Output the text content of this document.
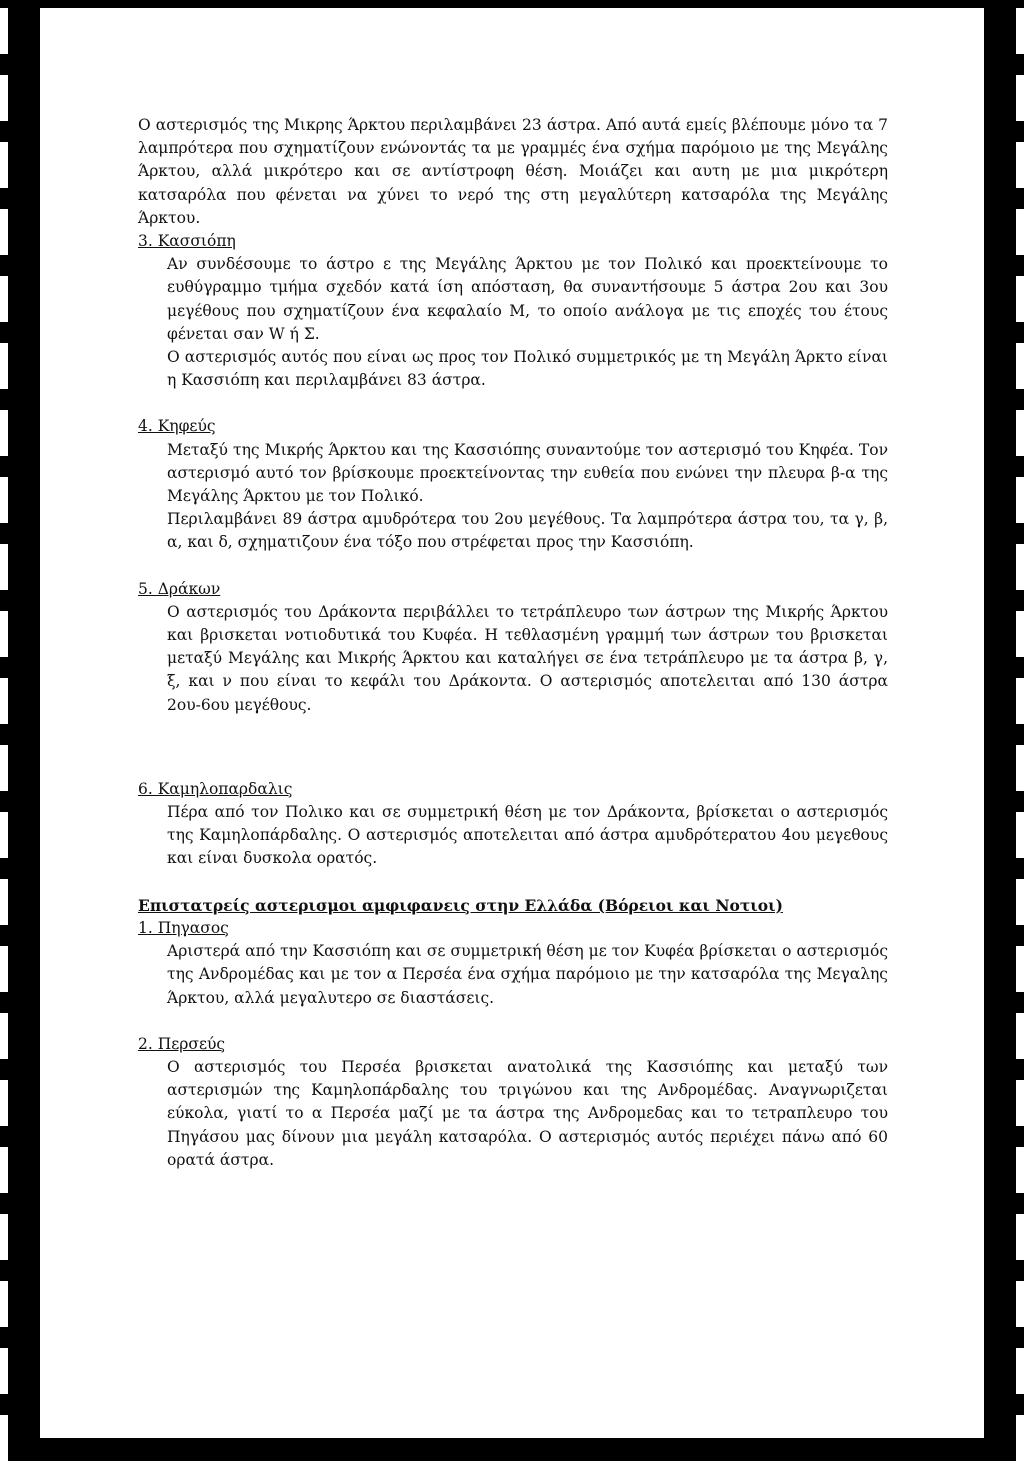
Ο αστερισμός της Μικρης Άρκτου περιλαμβάνει 23 άστρα. Από αυτά εμείς βλέπουμε μόνο τα 7 λαμπρότερα που σχηματίζουν ενώνοντάς τα με γραμμές ένα σχήμα παρόμοιο με της Μεγάλης Άρκτου, αλλά μικρότερο και σε αντίστροφη θέση. Μοιάζει και αυτη με μια μικρότερη κατσαρόλα που φένεται να χύνει το νερό της στη μεγαλύτερη κατσαρόλα της Μεγάλης Άρκτου.

3. Κασσιόπη

Αν συνδέσουμε το άστρο ε της Μεγάλης Άρκτου με τον Πολικό και προεκτείνουμε το ευθύγραμμο τμήμα σχεδόν κατά ίση απόσταση, θα συναντήσουμε 5 άστρα 2ου και 3ου μεγέθους που σχηματίζουν ένα κεφαλαίο Μ, το οποίο ανάλογα με τις εποχές του έτους φένεται σαν W ή Σ.

Ο αστερισμός αυτός που είναι ως προς τον Πολικό συμμετρικός με τη Μεγάλη Άρκτο είναι η Κασσιόπη και περιλαμβάνει 83 άστρα.

4. Κηφεύς

Μεταξύ της Μικρής Άρκτου και της Κασσιόπης συναντούμε τον αστερισμό του Κηφέα. Τον αστερισμό αυτό τον βρίσκουμε προεκτείνοντας την ευθεία που ενώνει την πλευρα β-α της Μεγάλης Άρκτου με τον Πολικό.

Περιλαμβάνει 89 άστρα αμυδρότερα του 2ου μεγέθους. Τα λαμπρότερα άστρα του, τα γ, β, α, και δ, σχηματιζουν ένα τόξο που στρέφεται προς την Κασσιόπη.

5. Δράκων

Ο αστερισμός του Δράκοντα περιβάλλει το τετράπλευρο των άστρων της Μικρής Άρκτου και βρισκεται νοτιοδυτικά του Κυφέα. Η τεθλασμένη γραμμή των άστρων του βρισκεται μεταξύ Μεγάλης και Μικρής Άρκτου και καταλήγει σε ένα τετράπλευρο με τα άστρα β, γ, ξ, και ν που είναι το κεφάλι του Δράκοντα. Ο αστερισμός αποτελειται από 130 άστρα 2ου-6ου μεγέθους.

6. Καμηλοπαρδαλις

Πέρα από τον Πολικο και σε συμμετρική θέση με τον Δράκοντα, βρίσκεται ο αστερισμός της Καμηλοπάρδαλης. Ο αστερισμός αποτελειται από άστρα αμυδρότερατου 4ου μεγεθους και είναι δυσκολα ορατός.

Επιστατρείς αστερισμοι αμφιφανεις στην Ελλάδα (Βόρειοι και Νοτιοι)

1. Πηγασος

Αριστερά από την Κασσιόπη και σε συμμετρική θέση με τον Κυφέα βρίσκεται ο αστερισμός της Ανδρομέδας και με τον α Περσέα ένα σχήμα παρόμοιο με την κατσαρόλα της Μεγαλης Άρκτου, αλλά μεγαλυτερο σε διαστάσεις.

2. Περσεύς

Ο αστερισμός του Περσέα βρισκεται ανατολικά της Κασσιόπης και μεταξύ των αστερισμών της Καμηλοπάρδαλης του τριγώνου και της Ανδρομέδας. Αναγνωριζεται εύκολα, γιατί το α Περσέα μαζί με τα άστρα της Ανδρομεδας και το τετραπλευρο του Πηγάσου μας δίνουν μια μεγάλη κατσαρόλα. Ο αστερισμός αυτός περιέχει πάνω από 60 ορατά άστρα.
